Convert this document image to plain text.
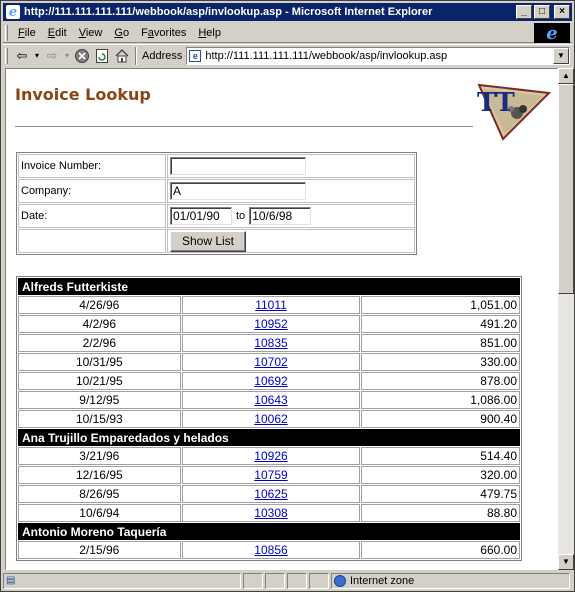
e http://111.111.111.111/webbook/asp/invlookup.asp - Microsoft Internet Explorer	_	□	×
File	Edit	View	Go	Favorites	Help	e
⇦ ▾ ⇨ ▾	Address	e http://111.111.111.111/webbook/asp/invlookup.asp	▼
Invoice Lookup	TT
Invoice Number:	
Company:	A
Date:	01/01/90 to 10/6/98
	Show List
Alfreds Futterkiste		
4/26/96	11011	1,051.00
4/2/96	10952	491.20
2/2/96	10835	851.00
10/31/95	10702	330.00
10/21/95	10692	878.00
9/12/95	10643	1,086.00
10/15/93	10062	900.40
Ana Trujillo Emparedados y helados		
3/21/96	10926	514.40
12/16/95	10759	320.00
8/26/95	10625	479.75
10/6/94	10308	88.80
Antonio Moreno Taquería		
2/15/96	10856	660.00
▲
▼
▤	Internet zone
